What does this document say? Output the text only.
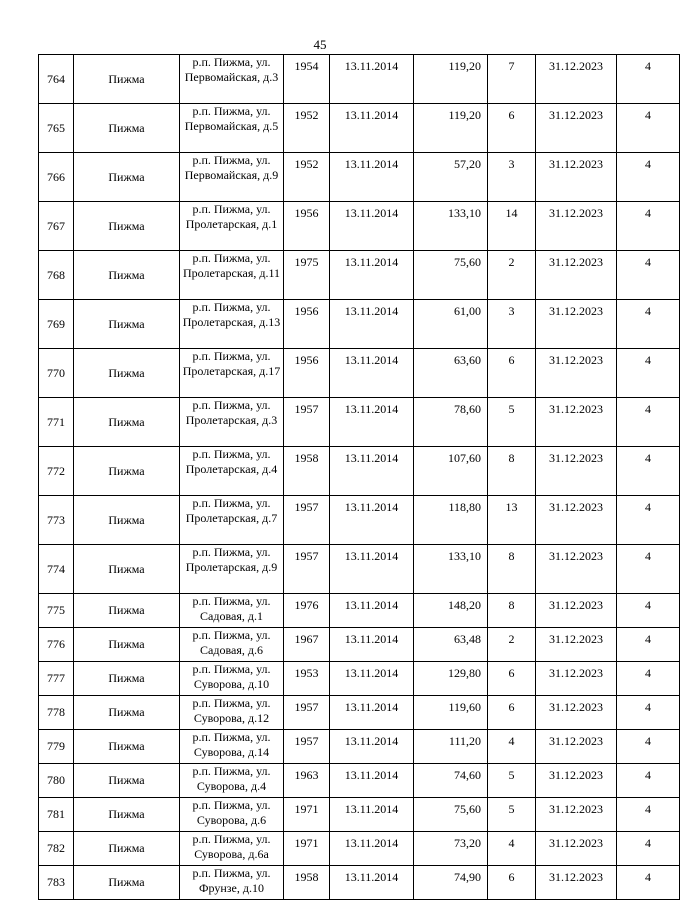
45
764	Пижма	р.п. Пижма, ул. Первомайская, д.3	1954	13.11.2014	119,20	7	31.12.2023	4
765	Пижма	р.п. Пижма, ул. Первомайская, д.5	1952	13.11.2014	119,20	6	31.12.2023	4
766	Пижма	р.п. Пижма, ул. Первомайская, д.9	1952	13.11.2014	57,20	3	31.12.2023	4
767	Пижма	р.п. Пижма, ул. Пролетарская, д.1	1956	13.11.2014	133,10	14	31.12.2023	4
768	Пижма	р.п. Пижма, ул. Пролетарская, д.11	1975	13.11.2014	75,60	2	31.12.2023	4
769	Пижма	р.п. Пижма, ул. Пролетарская, д.13	1956	13.11.2014	61,00	3	31.12.2023	4
770	Пижма	р.п. Пижма, ул. Пролетарская, д.17	1956	13.11.2014	63,60	6	31.12.2023	4
771	Пижма	р.п. Пижма, ул. Пролетарская, д.3	1957	13.11.2014	78,60	5	31.12.2023	4
772	Пижма	р.п. Пижма, ул. Пролетарская, д.4	1958	13.11.2014	107,60	8	31.12.2023	4
773	Пижма	р.п. Пижма, ул. Пролетарская, д.7	1957	13.11.2014	118,80	13	31.12.2023	4
774	Пижма	р.п. Пижма, ул. Пролетарская, д.9	1957	13.11.2014	133,10	8	31.12.2023	4
775	Пижма	р.п. Пижма, ул. Садовая, д.1	1976	13.11.2014	148,20	8	31.12.2023	4
776	Пижма	р.п. Пижма, ул. Садовая, д.6	1967	13.11.2014	63,48	2	31.12.2023	4
777	Пижма	р.п. Пижма, ул. Суворова, д.10	1953	13.11.2014	129,80	6	31.12.2023	4
778	Пижма	р.п. Пижма, ул. Суворова, д.12	1957	13.11.2014	119,60	6	31.12.2023	4
779	Пижма	р.п. Пижма, ул. Суворова, д.14	1957	13.11.2014	111,20	4	31.12.2023	4
780	Пижма	р.п. Пижма, ул. Суворова, д.4	1963	13.11.2014	74,60	5	31.12.2023	4
781	Пижма	р.п. Пижма, ул. Суворова, д.6	1971	13.11.2014	75,60	5	31.12.2023	4
782	Пижма	р.п. Пижма, ул. Суворова, д.6а	1971	13.11.2014	73,20	4	31.12.2023	4
783	Пижма	р.п. Пижма, ул. Фрунзе, д.10	1958	13.11.2014	74,90	6	31.12.2023	4
